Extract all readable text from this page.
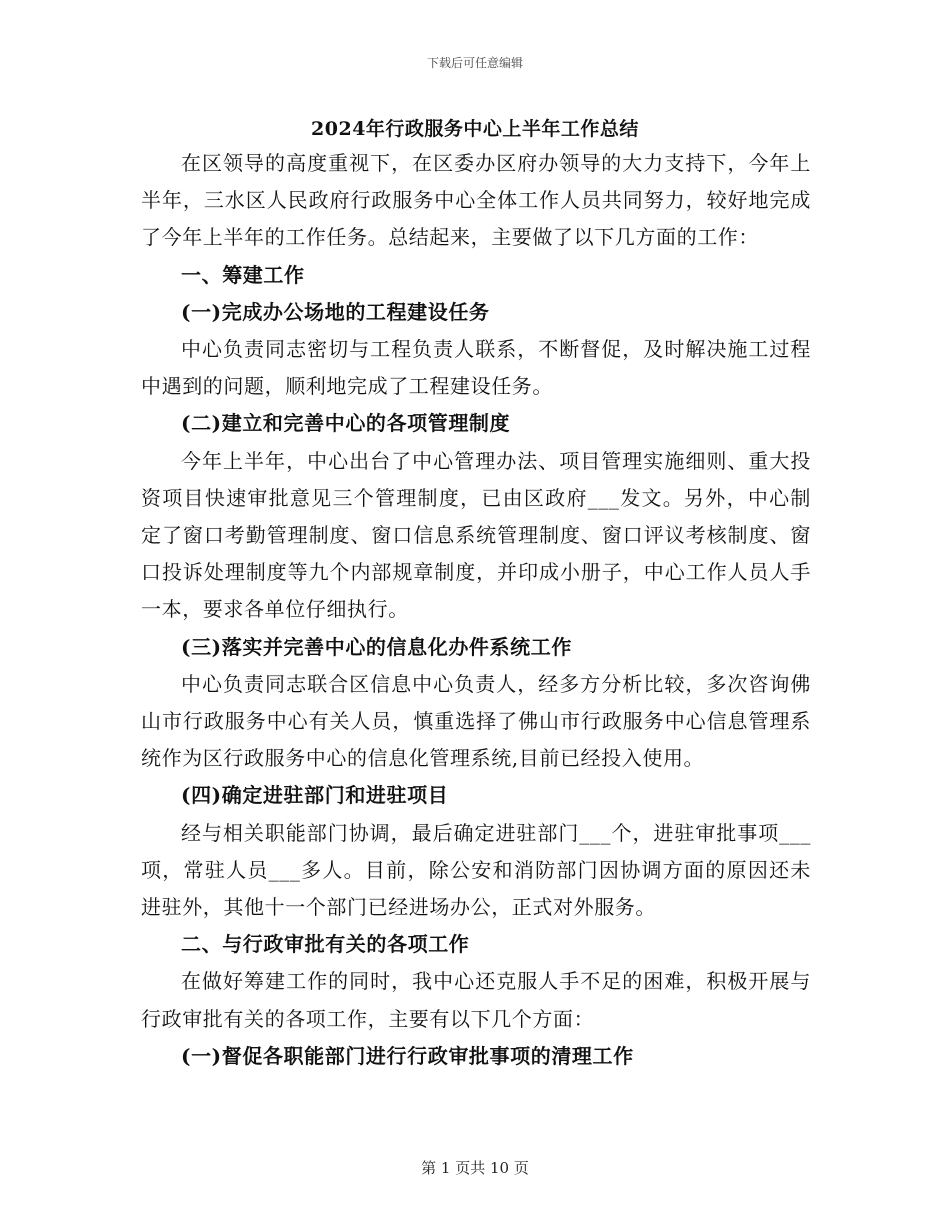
下载后可任意编辑
2024年行政服务中心上半年工作总结

在区领导的高度重视下，在区委办区府办领导的大力支持下，今年上半年，三水区人民政府行政服务中心全体工作人员共同努力，较好地完成了今年上半年的工作任务。总结起来，主要做了以下几方面的工作：

一、筹建工作

(一)完成办公场地的工程建设任务

中心负责同志密切与工程负责人联系，不断督促，及时解决施工过程中遇到的问题，顺利地完成了工程建设任务。

(二)建立和完善中心的各项管理制度

今年上半年，中心出台了中心管理办法、项目管理实施细则、重大投资项目快速审批意见三个管理制度，已由区政府___发文。另外，中心制定了窗口考勤管理制度、窗口信息系统管理制度、窗口评议考核制度、窗口投诉处理制度等九个内部规章制度，并印成小册子，中心工作人员人手一本，要求各单位仔细执行。

(三)落实并完善中心的信息化办件系统工作

中心负责同志联合区信息中心负责人，经多方分析比较，多次咨询佛山市行政服务中心有关人员，慎重选择了佛山市行政服务中心信息管理系统作为区行政服务中心的信息化管理系统,目前已经投入使用。

(四)确定进驻部门和进驻项目

经与相关职能部门协调，最后确定进驻部门___个，进驻审批事项___项，常驻人员___多人。目前，除公安和消防部门因协调方面的原因还未进驻外，其他十一个部门已经进场办公，正式对外服务。

二、与行政审批有关的各项工作

在做好筹建工作的同时，我中心还克服人手不足的困难，积极开展与行政审批有关的各项工作，主要有以下几个方面：

(一)督促各职能部门进行行政审批事项的清理工作

第 1 页共 10 页
